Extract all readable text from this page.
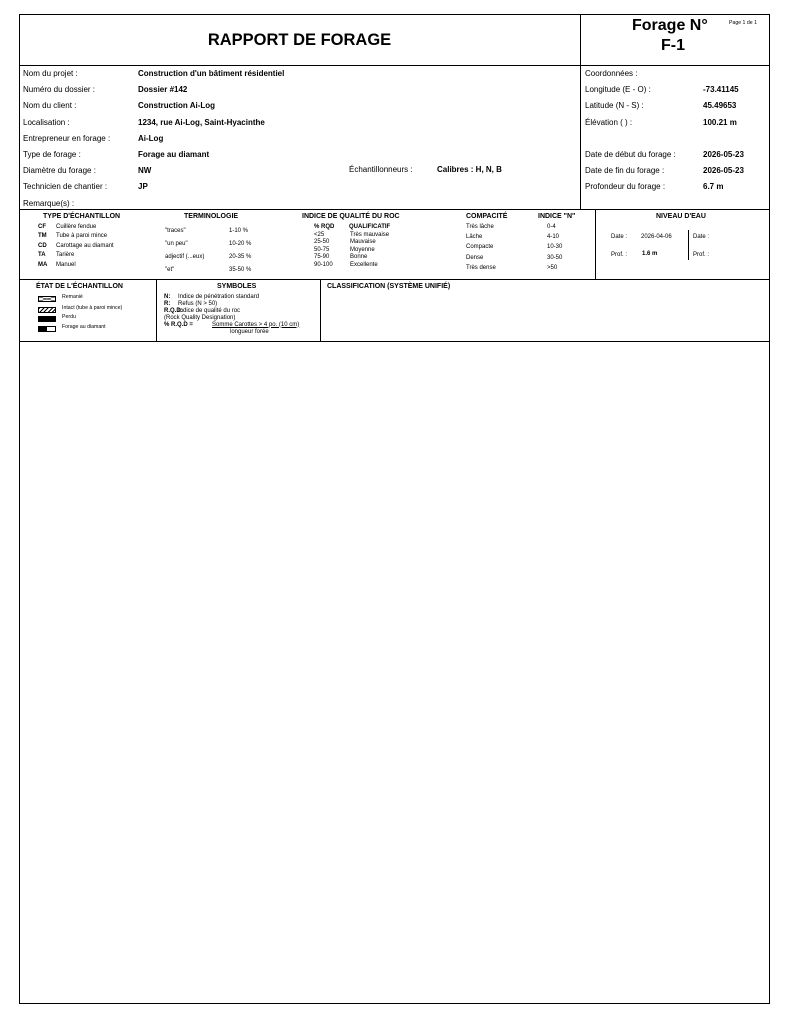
RAPPORT DE FORAGE
Forage N°
F-1
Page 1 de 1
Nom du projet :	Construction d'un bâtiment résidentiel
Numéro du dossier :	Dossier #142
Nom du client :	Construction Ai-Log
Localisation :	1234, rue Ai-Log, Saint-Hyacinthe
Entrepreneur en forage :	Ai-Log
Type de forage :	Forage au diamant
Diamètre du forage :	NW
Technicien de chantier :	JP
Remarque(s) :
Coordonnées :
Longitude (E - O) :	-73.41145
Latitude (N - S) :	45.49653
Élévation ( ) :	100.21 m
Date de début du forage :	2026-05-23
Date de fin du forage :	2026-05-23
Profondeur du forage :	6.7 m
Échantillonneurs :	Calibres : H, N, B
TYPE D'ÉCHANTILLON
CF Cuillère fendue
TM Tube à paroi mince
CD Carottage au diamant
TA Tarière
MA Manuel
TERMINOLOGIE
"traces"	1-10 %
"un peu"	10-20 %
adjectif (...eux)	20-35 %
"et"	35-50 %
INDICE DE QUALITÉ DU ROC
% RQD QUALIFICATIF
<25	Très mauvaise
25-50	Mauvaise
50-75	Moyenne
75-90	Bonne
90-100	Excellente
COMPACITÉ	INDICE "N"
Très lâche	0-4
Lâche	4-10
Compacte	10-30
Dense	30-50
Très dense	>50
NIVEAU D'EAU
Date : 2026-04-06	Date :
Prof. : 1.6 m	Prof. :
ÉTAT DE L'ÉCHANTILLON
Remanié
Intact (tube à paroi mince)
Perdu
Forage au diamant
SYMBOLES
N: Indice de pénétration standard
R: Refus (N > 50)
R.Q.D:
Indice de qualité du roc
(Rock Quality Designation)
% R.Q.D =	Somme Carottes > 4 po. (10 cm)
longueur forée
CLASSIFICATION (SYSTÈME UNIFIÉ)
